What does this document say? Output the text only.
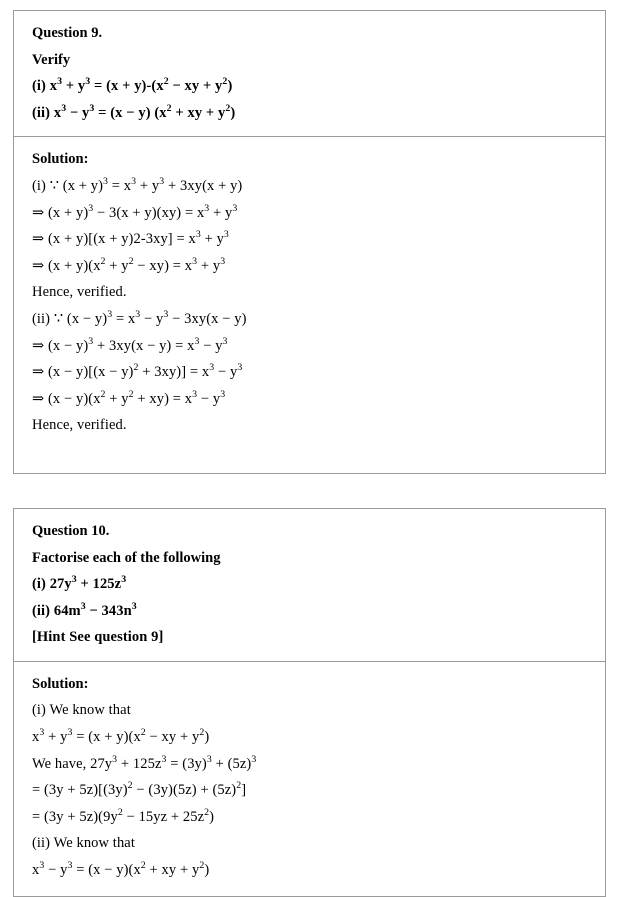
Question 9.
Verify
(i) $x^3 + y^3 = (x + y)-(x^2$ − xy + $y^2$)
(ii) $x^3 - y^3 = (x - y) (x^2$ + xy + $y^2$)
Solution:
(i) ∵ $(x + y)^3 = x^3 + y^3 + 3xy(x + y)$
⇒ $(x + y)^3 - 3(x + y)(xy) = x^3 + y^3$
⇒ $(x + y)[(x + y)2-3xy] = x^3 + y^3$
⇒ $(x + y)(x^2 + y^2 - xy) = x^3 + y^3$
Hence, verified.
(ii) ∵ $(x - y)^3 = x^3 - y^3 - 3xy(x - y)$
⇒ $(x - y)^3 + 3xy(x - y) = x^3 - y^3$
⇒ $(x - y)[(x - y)^2 + 3xy)] = x^3 - y^3$
⇒ $(x - y)(x^2 + y^2 + xy) = x^3 - y^3$
Hence, verified.
Question 10.
Factorise each of the following
(i) $27y^3 + 125z^3$
(ii) $64m^3 - 343n^3$
[Hint See question 9]
Solution:
(i) We know that
$x^3 + y^3 = (x + y)(x^2$ − xy + $y^2$)
We have, $27y^3 + 125z^3 = (3y)^3 + (5z)^3$
= $(3y + 5z)[(3y)^2 - (3y)(5z) + (5z)^2]$
= $(3y + 5z)(9y^2 - 15yz + 25z^2)$
(ii) We know that
$x^3 - y^3 = (x - y)(x^2$ + xy + $y^2$)
